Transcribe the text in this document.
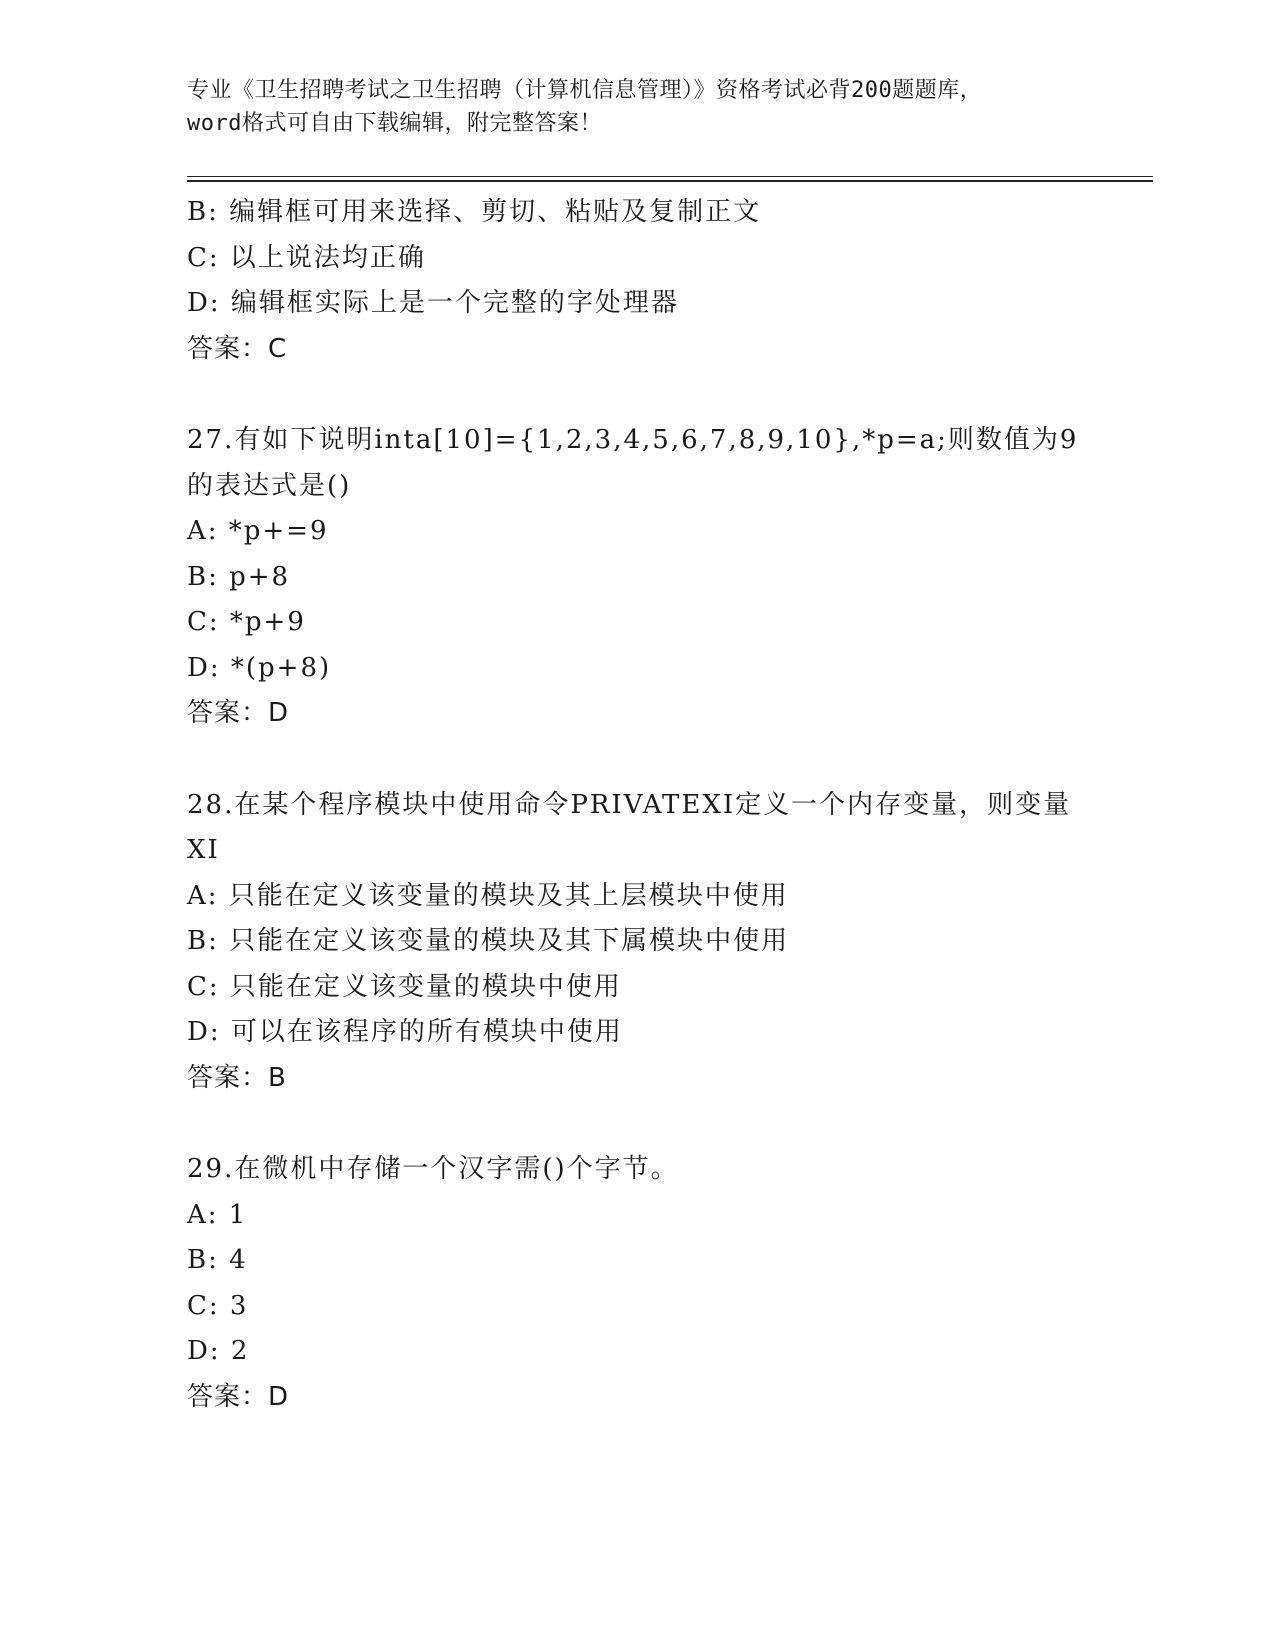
专业《卫生招聘考试之卫生招聘（计算机信息管理）》资格考试必背200题题库，
word格式可自由下载编辑，附完整答案！
B: 编辑框可用来选择、剪切、粘贴及复制正文
C: 以上说法均正确
D: 编辑框实际上是一个完整的字处理器
答案：C
27.有如下说明inta[10]={1,2,3,4,5,6,7,8,9,10},*p=a;则数值为9
的表达式是()
A: *p+=9
B: p+8
C: *p+9
D: *(p+8)
答案：D
28.在某个程序模块中使用命令PRIVATEXI定义一个内存变量，则变量
XI
A: 只能在定义该变量的模块及其上层模块中使用
B: 只能在定义该变量的模块及其下属模块中使用
C: 只能在定义该变量的模块中使用
D: 可以在该程序的所有模块中使用
答案：B
29.在微机中存储一个汉字需()个字节。
A: 1
B: 4
C: 3
D: 2
答案：D
